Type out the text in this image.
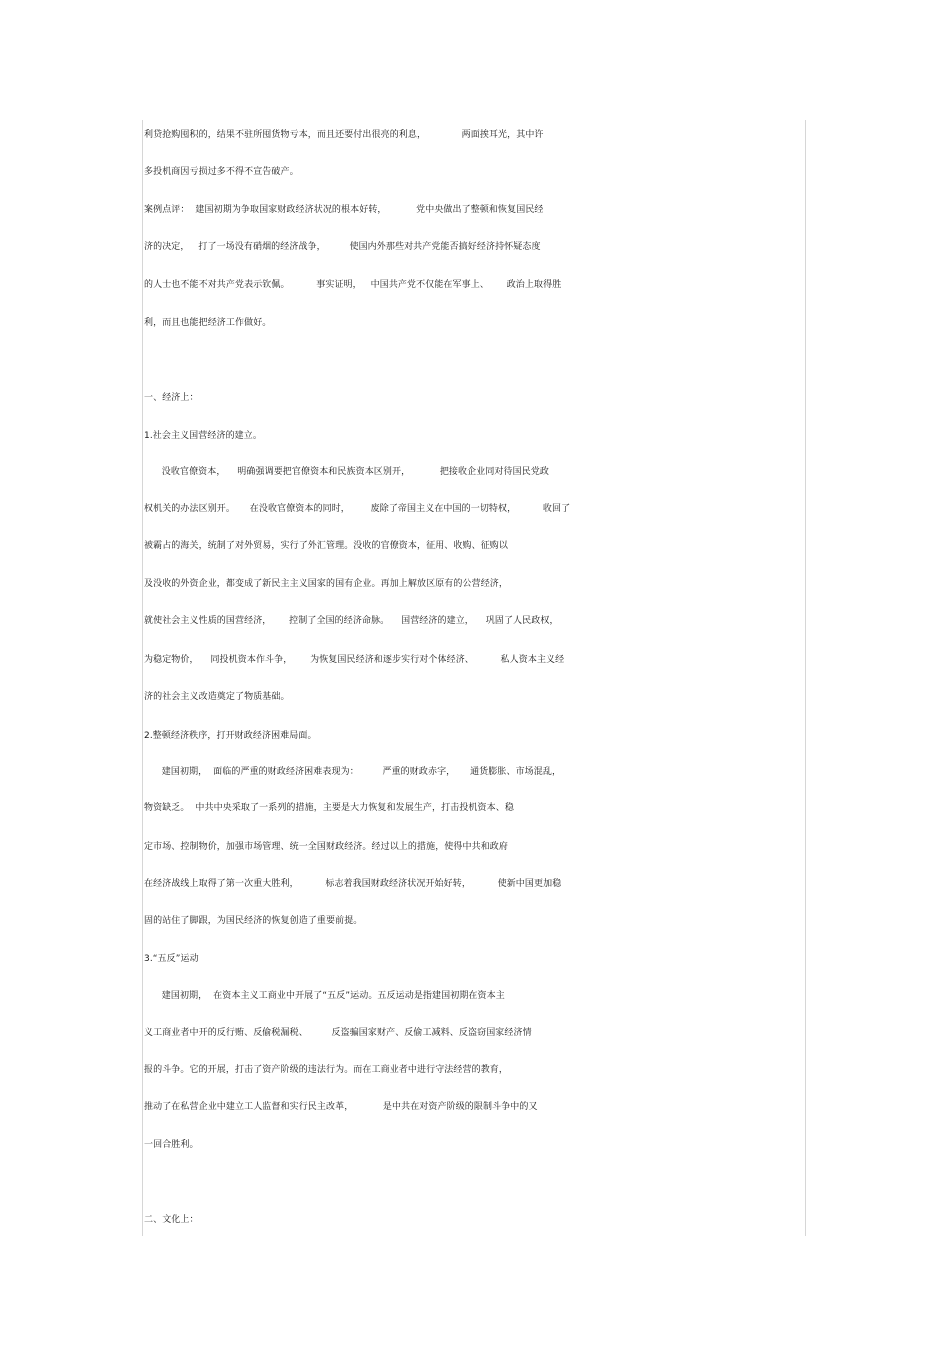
利贷抢购囤积的，结果不驻所囤货物亏本，而且还要付出很亮的利息，            两面挨耳光，其中许
多投机商因亏损过多不得不宣告破产。
案例点评：  建国初期为争取国家财政经济状况的根本好转，          党中央做出了整顿和恢复国民经
济的决定，   打了一场没有硝烟的经济战争，        使国内外那些对共产党能否搞好经济持怀疑态度
的人士也不能不对共产党表示钦佩。         事实证明，   中国共产党不仅能在军事上、      政治上取得胜
利，而且也能把经济工作做好。
一、经济上：
1.社会主义国营经济的建立。
没收官僚资本，    明确强调要把官僚资本和民族资本区别开，          把接收企业同对待国民党政
权机关的办法区别开。     在没收官僚资本的同时，       废除了帝国主义在中国的一切特权，         收回了
被霸占的海关，统制了对外贸易，实行了外汇管理。没收的官僚资本，征用、收购、征购以
及没收的外资企业，都变成了新民主主义国家的国有企业。再加上解放区原有的公营经济，
就使社会主义性质的国营经济，      控制了全国的经济命脉。    国营经济的建立，    巩固了人民政权，
为稳定物价，    同投机资本作斗争，      为恢复国民经济和逐步实行对个体经济、         私人资本主义经
济的社会主义改造奠定了物质基础。
2.整顿经济秩序，打开财政经济困难局面。
建国初期，  面临的严重的财政经济困难表现为：        严重的财政赤字，     通货膨胀、市场混乱，
物资缺乏。  中共中央采取了一系列的措施，主要是大力恢复和发展生产，打击投机资本、稳
定市场、控制物价，加强市场管理、统一全国财政经济。经过以上的措施，使得中共和政府
在经济战线上取得了第一次重大胜利，         标志着我国财政经济状况开始好转，         使新中国更加稳
固的站住了脚跟，为国民经济的恢复创造了重要前提。
3.“五反”运动
建国初期，  在资本主义工商业中开展了“五反”运动。五反运动是指建国初期在资本主
义工商业者中开的反行贿、反偷税漏税、        反盗骗国家财产、反偷工减料、反盗窃国家经济情
报的斗争。它的开展，打击了资产阶级的违法行为。而在工商业者中进行守法经营的教育，
推动了在私营企业中建立工人监督和实行民主改革，          是中共在对资产阶级的限制斗争中的又
一回合胜利。
二、文化上：
